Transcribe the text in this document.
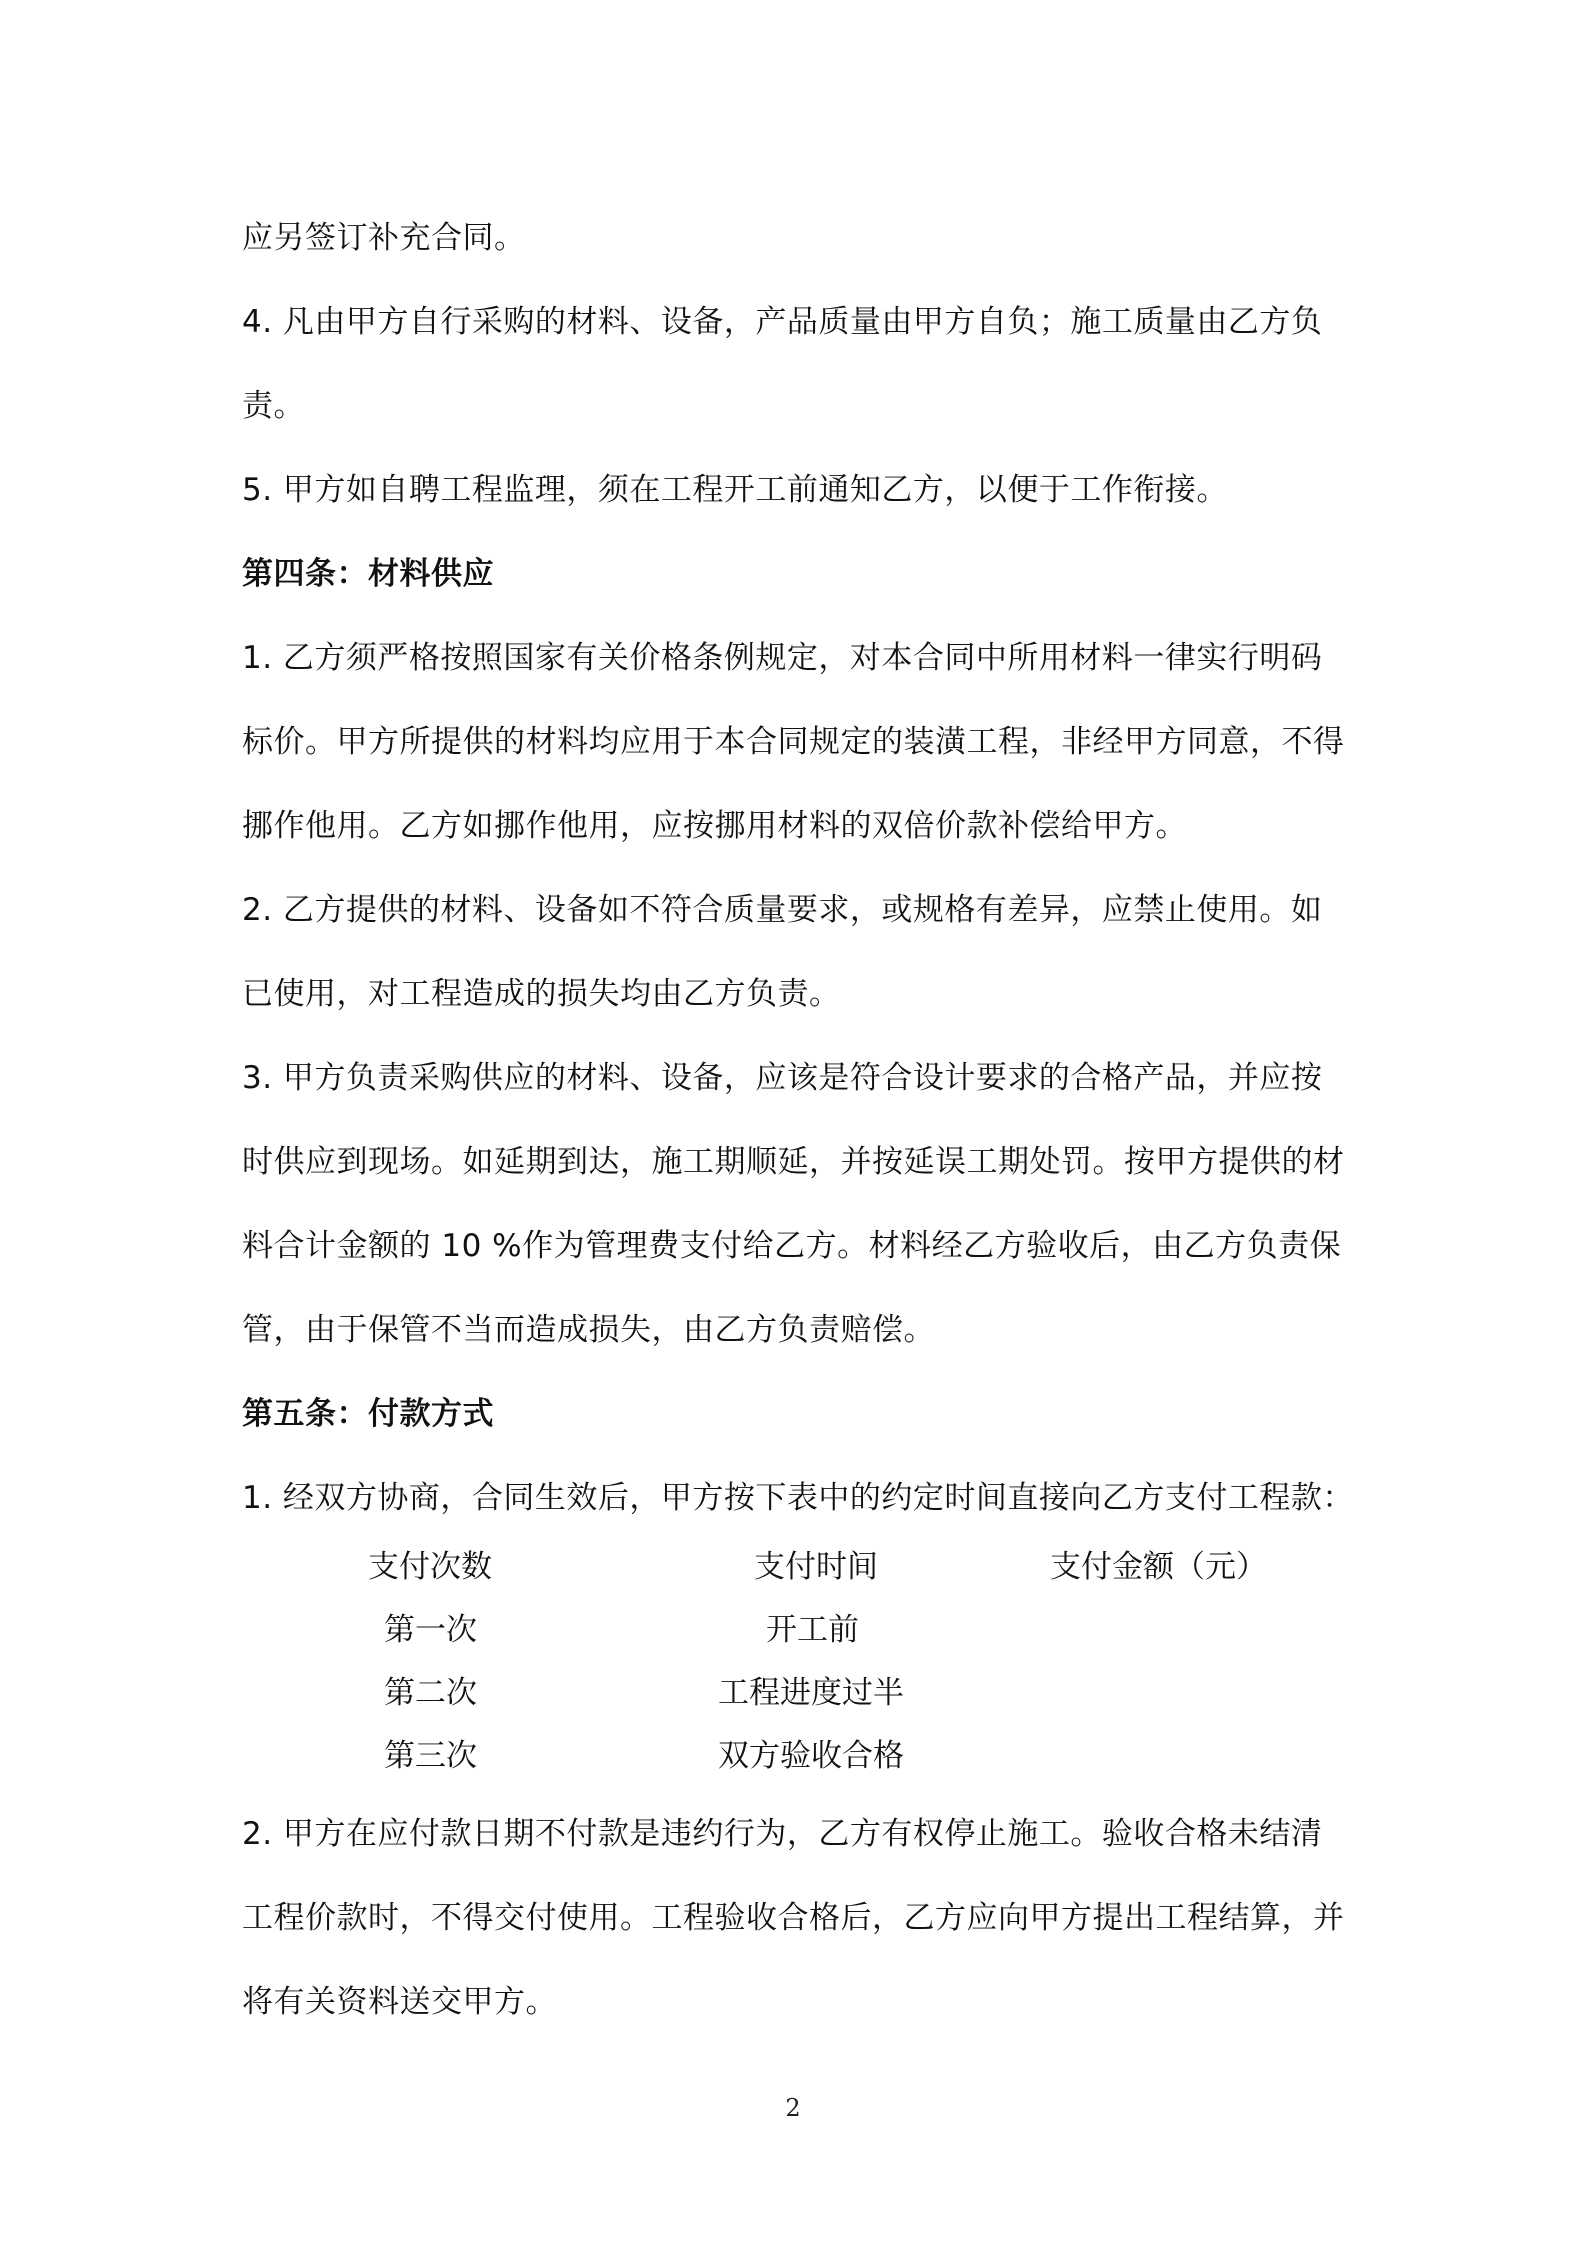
应另签订补充合同。
4. 凡由甲方自行采购的材料、设备，产品质量由甲方自负；施工质量由乙方负
责。
5. 甲方如自聘工程监理，须在工程开工前通知乙方，以便于工作衔接。
第四条：材料供应
1. 乙方须严格按照国家有关价格条例规定，对本合同中所用材料一律实行明码
标价。甲方所提供的材料均应用于本合同规定的装潢工程，非经甲方同意，不得
挪作他用。乙方如挪作他用，应按挪用材料的双倍价款补偿给甲方。
2. 乙方提供的材料、设备如不符合质量要求，或规格有差异，应禁止使用。如
已使用，对工程造成的损失均由乙方负责。
3. 甲方负责采购供应的材料、设备，应该是符合设计要求的合格产品，并应按
时供应到现场。如延期到达，施工期顺延，并按延误工期处罚。按甲方提供的材
料合计金额的 10 %作为管理费支付给乙方。材料经乙方验收后，由乙方负责保
管，由于保管不当而造成损失，由乙方负责赔偿。
第五条：付款方式
1. 经双方协商，合同生效后，甲方按下表中的约定时间直接向乙方支付工程款：
支付次数	支付时间	支付金额（元）
第一次	开工前
第二次	工程进度过半
第三次	双方验收合格
2. 甲方在应付款日期不付款是违约行为，乙方有权停止施工。验收合格未结清
工程价款时，不得交付使用。工程验收合格后，乙方应向甲方提出工程结算，并
将有关资料送交甲方。
2
